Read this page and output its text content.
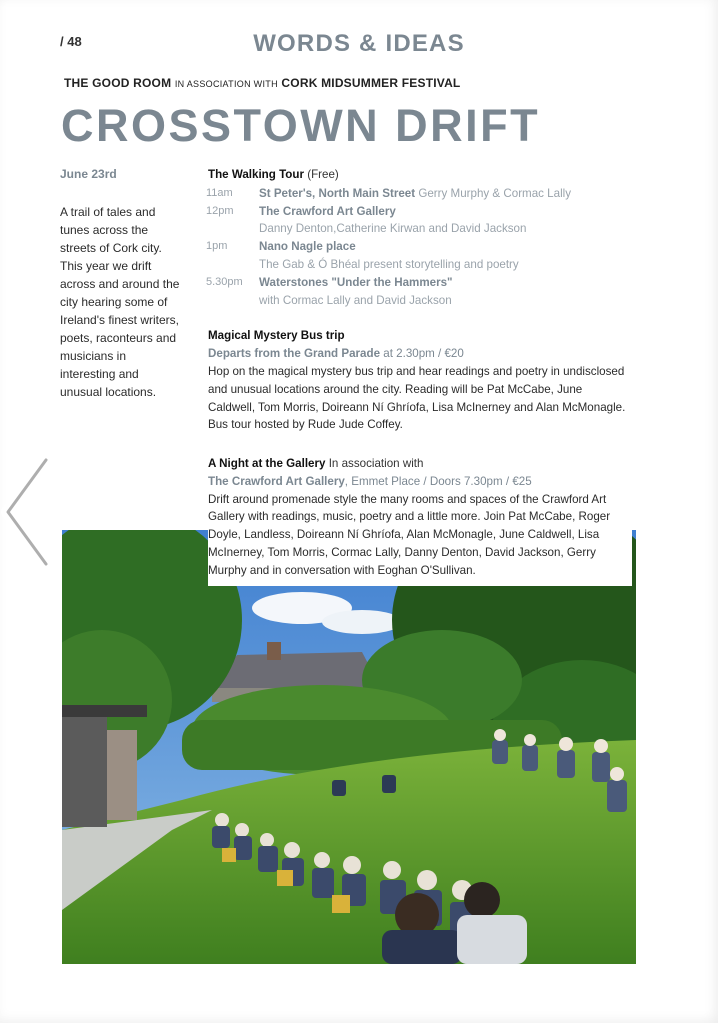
/ 48	WORDS & IDEAS
THE GOOD ROOM IN ASSOCIATION WITH CORK MIDSUMMER FESTIVAL
CROSSTOWN DRIFT
June 23rd

A trail of tales and tunes across the streets of Cork city. This year we drift across and around the city hearing some of Ireland's finest writers, poets, raconteurs and musicians in interesting and unusual locations.

The Walking Tour (Free)
11am	St Peter's, North Main Street Gerry Murphy & Cormac Lally
12pm	The Crawford Art Gallery
Danny Denton,Catherine Kirwan and David Jackson
1pm	Nano Nagle place
The Gab & Ó Bhéal present storytelling and poetry
5.30pm	Waterstones "Under the Hammers"
with Cormac Lally and David Jackson
Magical Mystery Bus trip
Departs from the Grand Parade at 2.30pm / €20
Hop on the magical mystery bus trip and hear readings and poetry in undisclosed and unusual locations around the city. Reading will be Pat McCabe, June Caldwell, Tom Morris, Doireann Ní Ghríofa, Lisa McInerney and Alan McMonagle. Bus tour hosted by Rude Jude Coffey.
A Night at the Gallery In association with
The Crawford Art Gallery, Emmet Place / Doors 7.30pm / €25
Drift around promenade style the many rooms and spaces of the Crawford Art Gallery with readings, music, poetry and a little more. Join Pat McCabe, Roger Doyle, Landless, Doireann Ní Ghríofa, Alan McMonagle, June Caldwell, Lisa McInerney, Tom Morris, Cormac Lally, Danny Denton, David Jackson, Gerry Murphy and in conversation with Eoghan O'Sullivan.
